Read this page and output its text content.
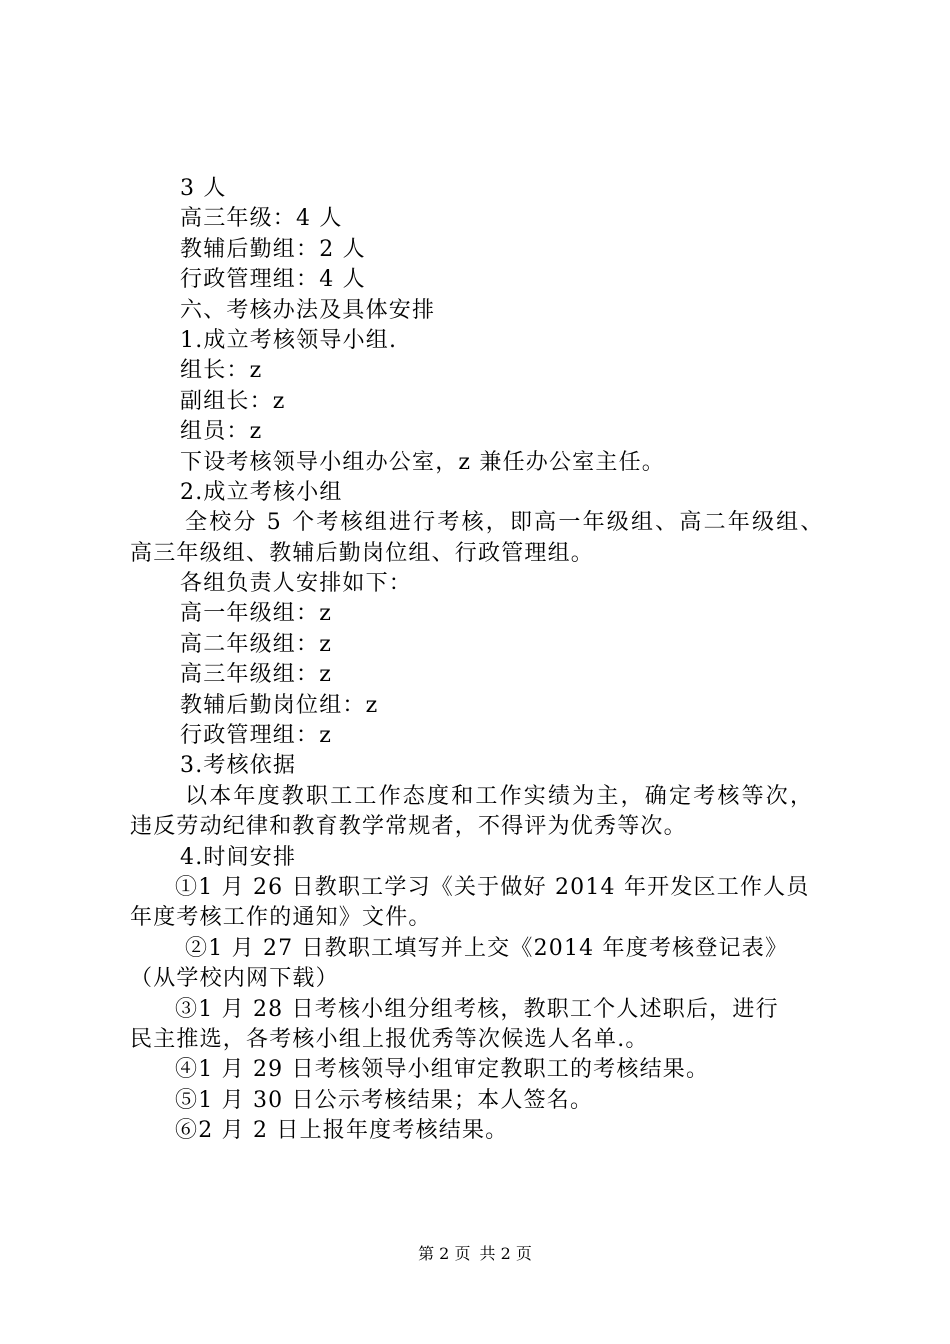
3 人
高三年级：4 人
教辅后勤组：2 人
行政管理组：4 人
六、考核办法及具体安排
1.成立考核领导小组.
组长：z
副组长：z
组员：z
下设考核领导小组办公室，z 兼任办公室主任。
2.成立考核小组
全校分 5 个考核组进行考核，即高一年级组、高二年级组、
高三年级组、教辅后勤岗位组、行政管理组。
各组负责人安排如下：
高一年级组：z
高二年级组：z
高三年级组：z
教辅后勤岗位组：z
行政管理组：z
3.考核依据
以本年度教职工工作态度和工作实绩为主，确定考核等次，
违反劳动纪律和教育教学常规者，不得评为优秀等次。
4.时间安排
①1 月 26 日教职工学习《关于做好 2014 年开发区工作人员
年度考核工作的通知》文件。
②1 月 27 日教职工填写并上交《2014 年度考核登记表》
（从学校内网下载）
③1 月 28 日考核小组分组考核，教职工个人述职后，进行
民主推选，各考核小组上报优秀等次候选人名单.。
④1 月 29 日考核领导小组审定教职工的考核结果。
⑤1 月 30 日公示考核结果；本人签名。
⑥2 月 2 日上报年度考核结果。
第 2 页 共 2 页
